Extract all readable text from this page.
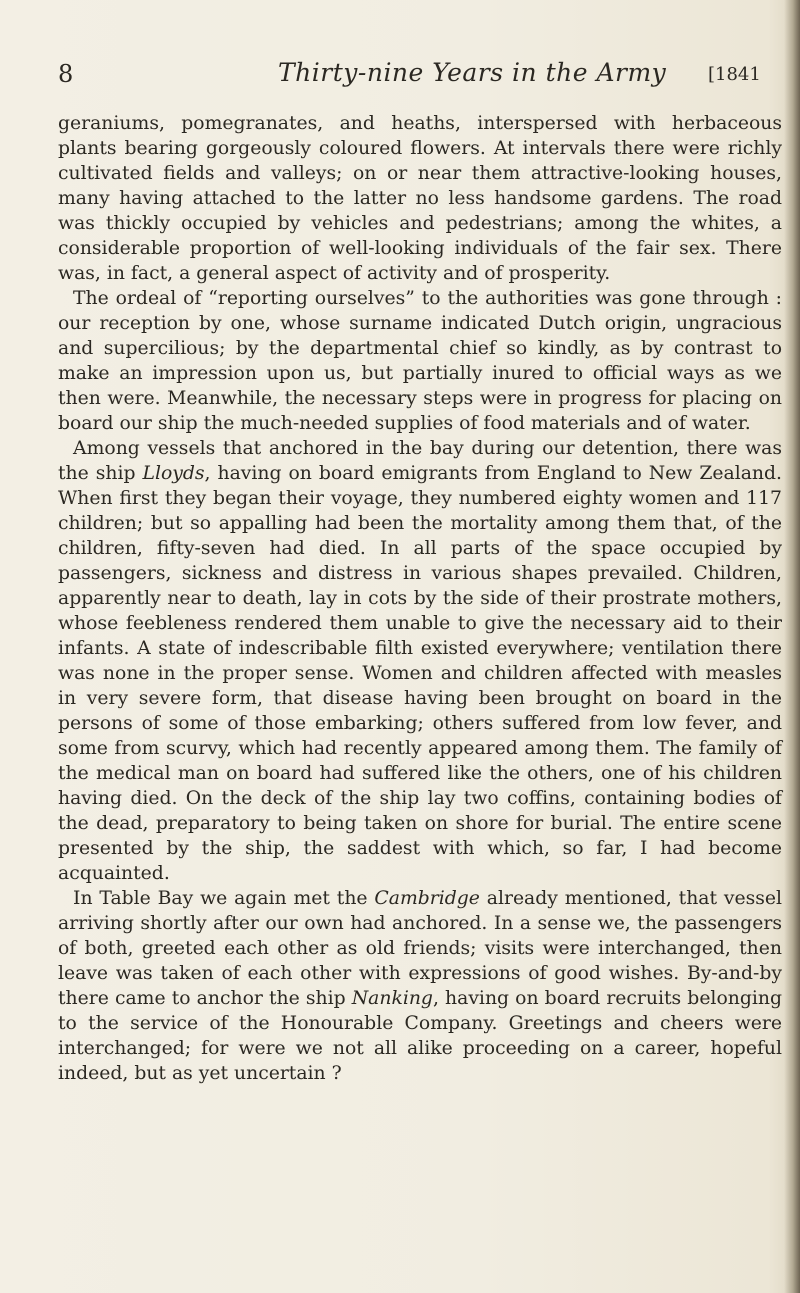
8	Thirty-nine Years in the Army [1841

geraniums, pomegranates, and heaths, interspersed with herbaceous plants bearing gorgeously coloured flowers. At intervals there were richly cultivated fields and valleys; on or near them attractive-looking houses, many having attached to the latter no less handsome gardens. The road was thickly occupied by vehicles and pedestrians; among the whites, a considerable proportion of well-looking individuals of the fair sex. There was, in fact, a general aspect of activity and of prosperity.

The ordeal of “reporting ourselves” to the authorities was gone through : our reception by one, whose surname indicated Dutch origin, ungracious and supercilious; by the departmental chief so kindly, as by contrast to make an impression upon us, but partially inured to official ways as we then were. Meanwhile, the necessary steps were in progress for placing on board our ship the much-needed supplies of food materials and of water.

Among vessels that anchored in the bay during our detention, there was the ship Lloyds, having on board emigrants from England to New Zealand. When first they began their voyage, they numbered eighty women and 117 children; but so appalling had been the mortality among them that, of the children, fifty-seven had died. In all parts of the space occupied by passengers, sickness and distress in various shapes prevailed. Children, apparently near to death, lay in cots by the side of their prostrate mothers, whose feebleness rendered them unable to give the necessary aid to their infants. A state of indescribable filth existed everywhere; ventilation there was none in the proper sense. Women and children affected with measles in very severe form, that disease having been brought on board in the persons of some of those embarking; others suffered from low fever, and some from scurvy, which had recently appeared among them. The family of the medical man on board had suffered like the others, one of his children having died. On the deck of the ship lay two coffins, containing bodies of the dead, preparatory to being taken on shore for burial. The entire scene presented by the ship, the saddest with which, so far, I had become acquainted.

In Table Bay we again met the Cambridge already mentioned, that vessel arriving shortly after our own had anchored. In a sense we, the passengers of both, greeted each other as old friends; visits were interchanged, then leave was taken of each other with expressions of good wishes. By-and-by there came to anchor the ship Nanking, having on board recruits belonging to the service of the Honourable Company. Greetings and cheers were interchanged; for were we not all alike proceeding on a career, hopeful indeed, but as yet uncertain ?
